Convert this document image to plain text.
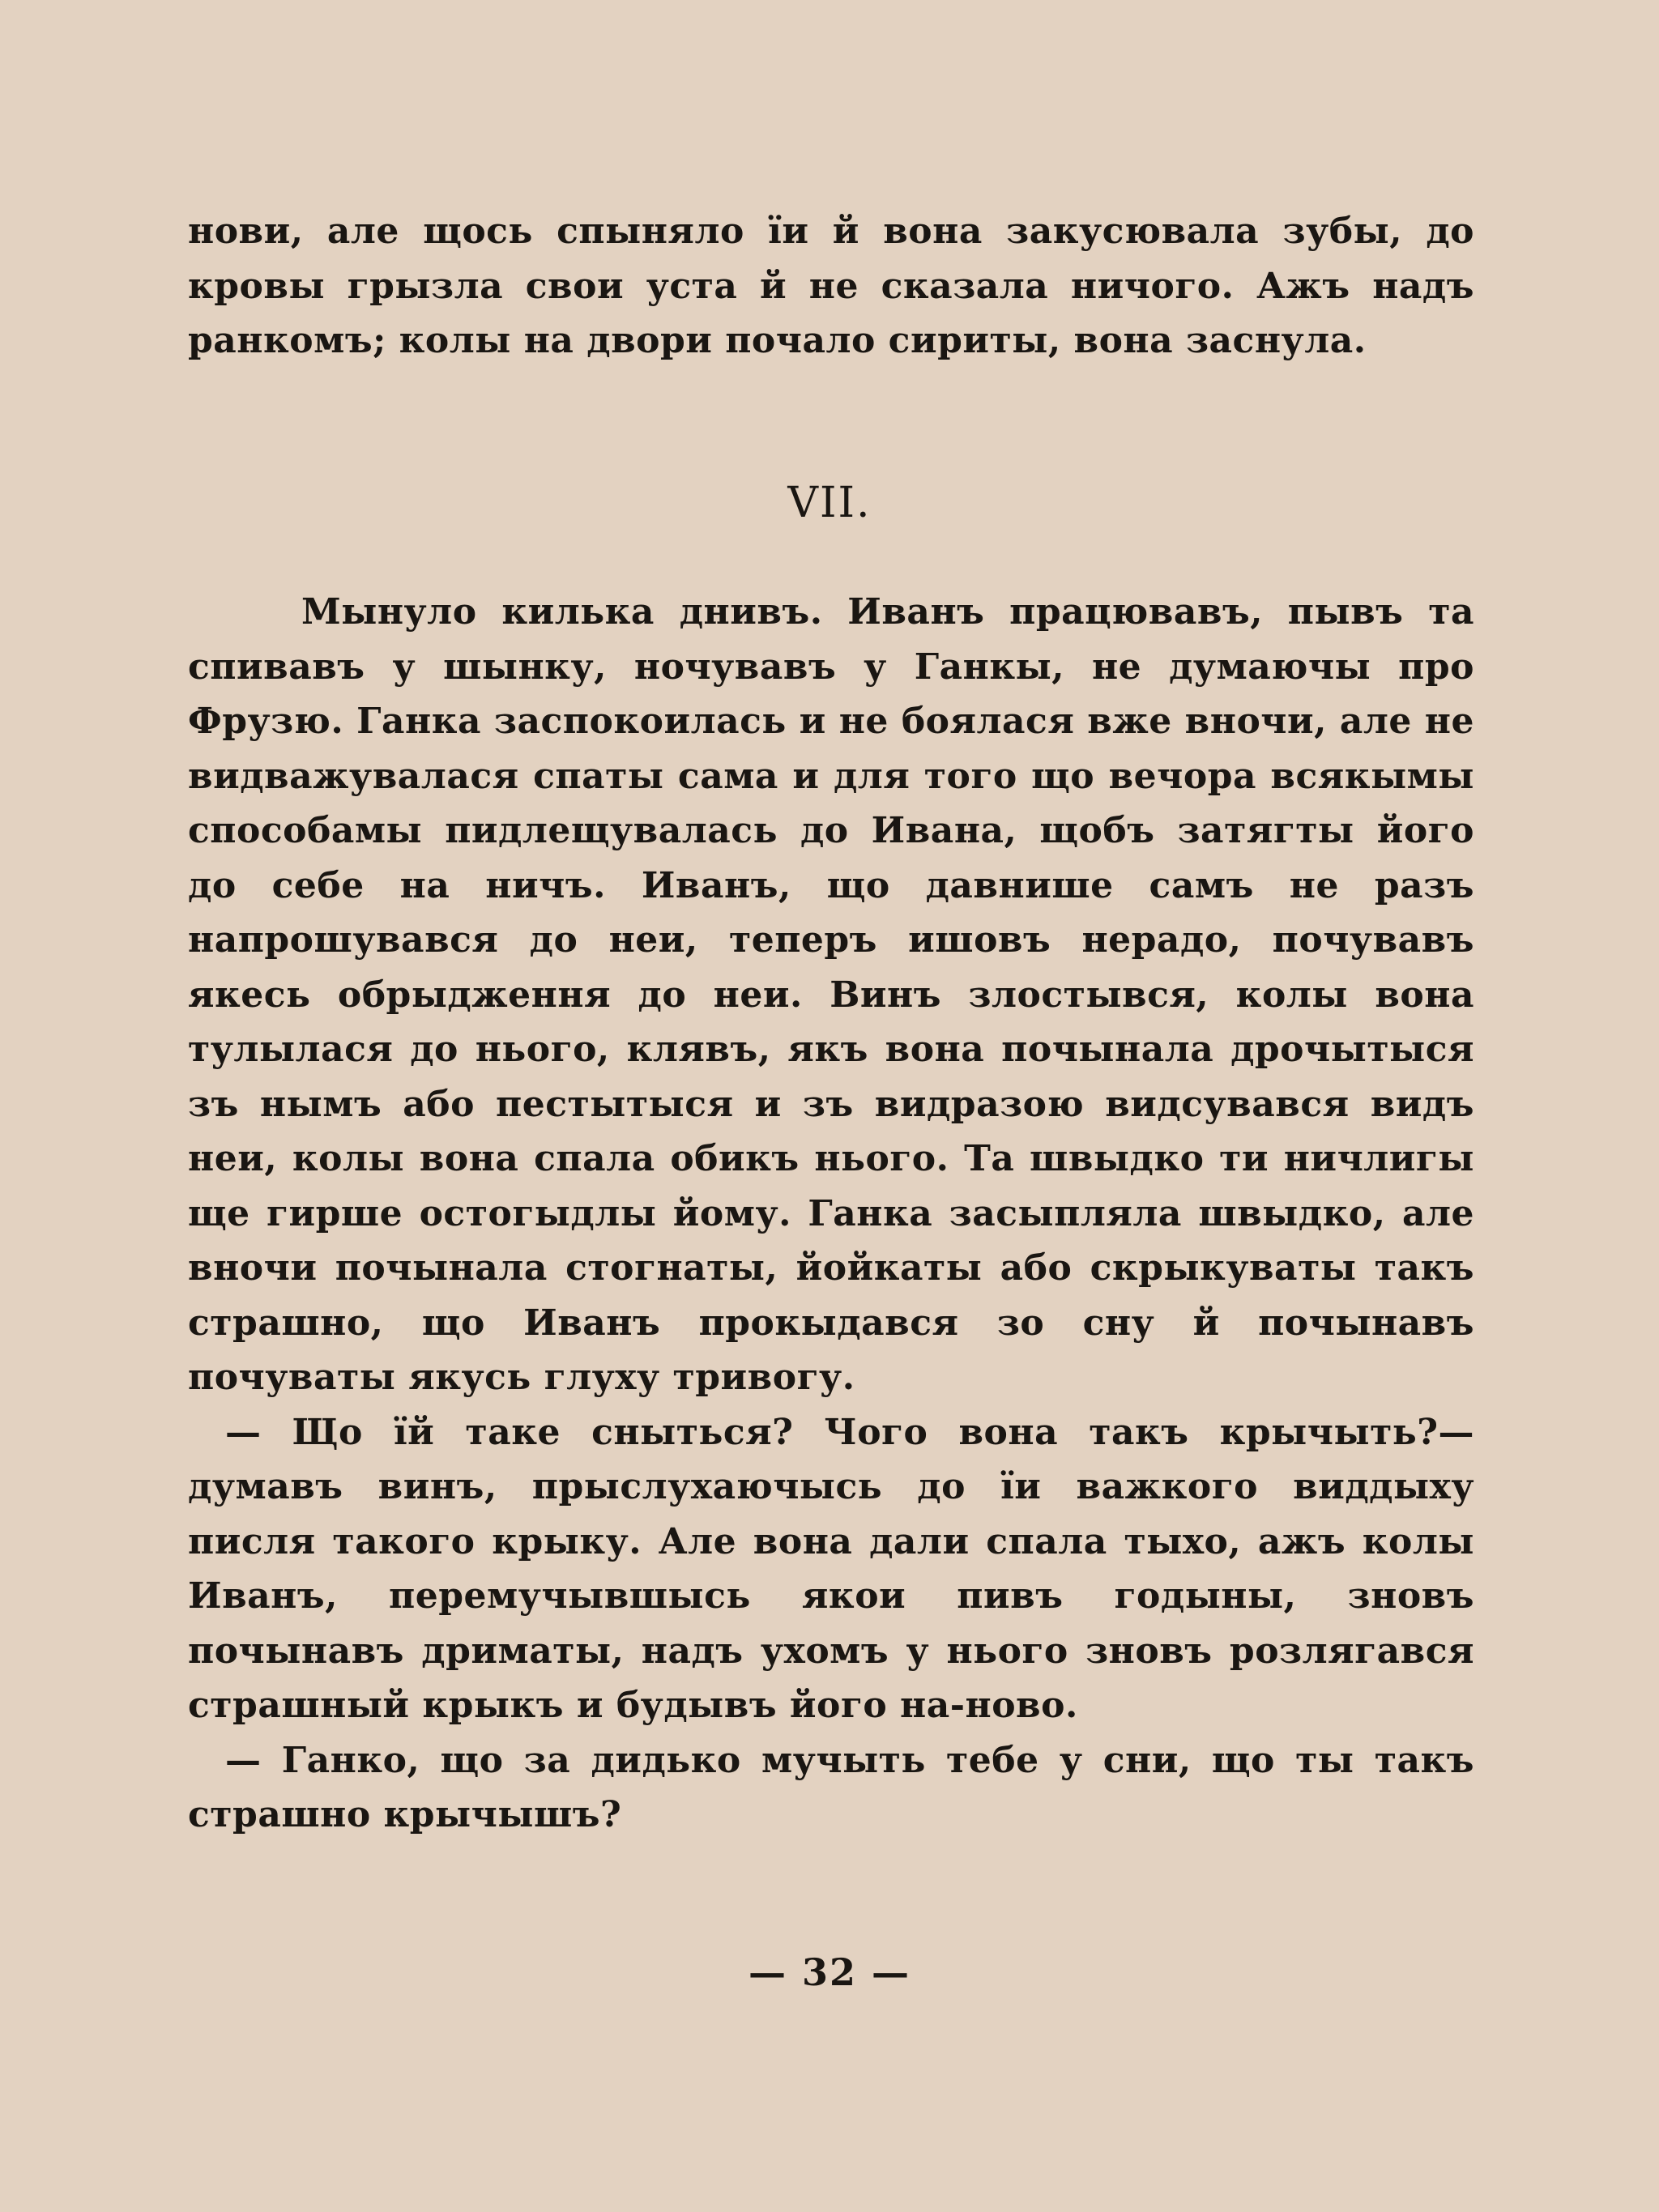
нови, але щось спыняло їи й вона закусювала зубы, до кровы грызла свои уста й не сказала ничого. Ажъ надъ ранкомъ; колы на двори почало сириты, вона заснула.

VII.

Мынуло килька днивъ. Иванъ працювавъ, пывъ та спивавъ у шынку, ночувавъ у Ганкы, не думаючы про Фрузю. Ганка заспокоилась и не боялася вже вночи, але не видважувалася спаты сама и для того що вечора всякымы способамы пидлещувалась до Ивана, щобъ затягты його до себе на ничъ. Иванъ, що давнише самъ не разъ напрошувався до неи, теперъ ишовъ нерадо, почувавъ якесь обрыдження до неи. Винъ злостывся, колы вона тулылася до нього, клявъ, якъ вона почынала дрочытыся зъ нымъ або пестытыся и зъ видразою видсувався видъ неи, колы вона спала обикъ нього. Та швыдко ти ничлигы ще гирше остогыдлы йому. Ганка засыпляла швыдко, але вночи почынала стогнаты, йойкаты або скрыкуваты такъ страшно, що Иванъ прокыдався зо сну й почынавъ почуваты якусь глуху тривогу.

— Що їй таке сныться? Чого вона такъ крычыть?— думавъ винъ, прыслухаючысь до їи важкого виддыху писля такого крыку. Але вона дали спала тыхо, ажъ колы Иванъ, перемучывшысь якои пивъ годыны, зновъ почынавъ дриматы, надъ ухомъ у нього зновъ розлягався страшный крыкъ и будывъ його на-ново.

— Ганко, що за дидько мучыть тебе у сни, що ты такъ страшно крычышъ?

— 32 —
